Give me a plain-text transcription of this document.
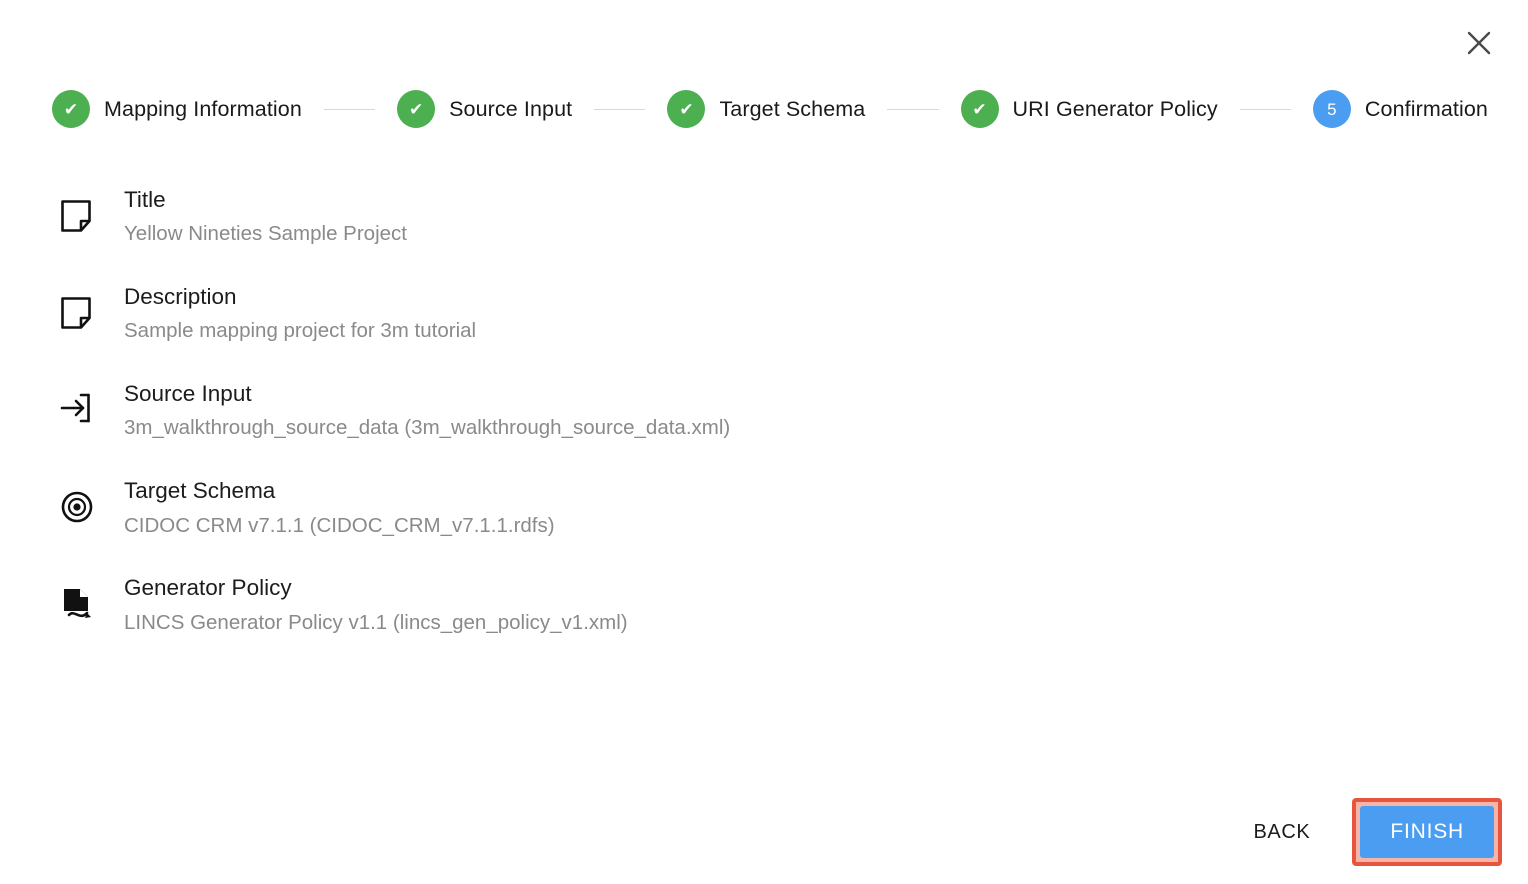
✔ Mapping Information	✔ Source Input	✔ Target Schema	✔ URI Generator Policy	5 Confirmation
Title
Yellow Nineties Sample Project
Description
Sample mapping project for 3m tutorial
Source Input
3m_walkthrough_source_data (3m_walkthrough_source_data.xml)
Target Schema
CIDOC CRM v7.1.1 (CIDOC_CRM_v7.1.1.rdfs)
Generator Policy
LINCS Generator Policy v1.1 (lincs_gen_policy_v1.xml)
BACK	FINISH
